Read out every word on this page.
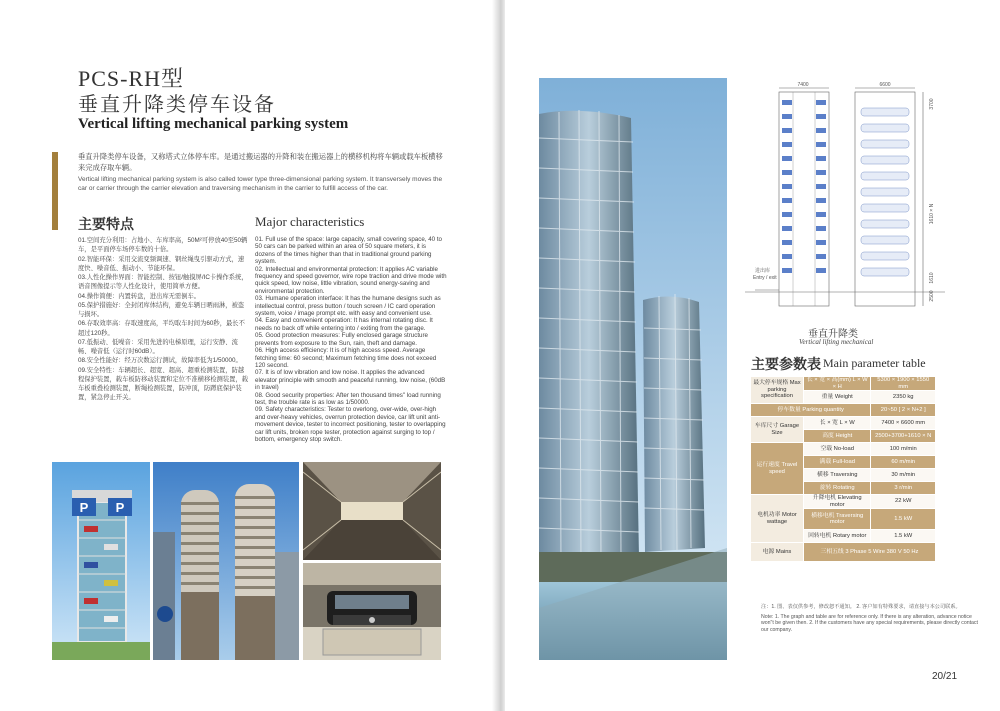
PCS-RH型
垂直升降类停车设备
Vertical lifting mechanical parking system
垂直升降类停车设备，又称塔式立体停车库。是通过搬运器的升降和装在搬运器上的横移机构将车辆或载车板横移来完成存取车辆。
Vertical lifting mechanical parking system is also called tower type three-dimensional parking system. It transversely moves the car or carrier through the carrier elevation and traversing mechanism in the carrier to fulfill access of the car.
主要特点	Major characteristics
01.空间充分利用：占地小、车库率高，50M²可停放40至50辆车，是平面停车场停车数的十倍。
02.智能环保：采用交流变频调速、钢丝绳曳引驱动方式，速度快、噪音低、振动小、节能环保。
03.人性化操作界面：智能控制、按钮/触摸屏/IC卡操作系统，语音图像提示等人性化设计，使用简单方便。
04.操作简便：内置转盘，进出库无需倒车。
05.保护措施好：全封闭库体结构，避免车辆日晒雨淋，被盗与损坏。
06.存取效率高：存取速度高，平均取车时间为60秒，最长不超过120秒。
07.低振动、低噪音：采用先进的电梯原理，运行安静、流畅、噪音低（运行时60dB）。
08.安全性能好：经万次数运行测试，故障率低为1/50000。
09.安全特性：车辆超长、超宽、超高、超重检测装置，防越程保护装置，载车板防移动装置和定位不准横移检测装置，载车板重叠检测装置，断绳检测装置，防冲顶，防蹲底保护装置，紧急停止开关。
01. Full use of the space: large capacity, small covering space, 40 to 50 cars can be parked within an area of 50 square meters, it is dozens of the times higher than that in traditional ground parking system.
02. Intellectual and environmental protection: It applies AC variable frequency and speed governor, wire rope traction and drive mode with quick speed, low noise, little vibration, sound energy-saving and environmental protection.
03. Humane operation interface: It has the humane designs such as intellectual control, press button / touch screen / IC card operation system, voice / image prompt etc. with easy and convenient use.
04. Easy and convenient operation: It has internal rotating disc. It needs no back off while entering into / exiting from the garage.
05. Good protection measures: Fully enclosed garage structure prevents from exposure to the Sun, rain, theft and damage.
06. High access efficiency: It is of high access speed. Average fetching time: 60 second; Maximum fetching time does not exceed 120 second.
07. It is of low vibration and low noise. It applies the advanced elevator principle with smooth and peaceful running, low noise, (60dB in travel)
08. Good security properties: After ten thousand times" load running test, the trouble rate is as low as 1/50000.
09. Safety characteristics: Tester to overlong, over-wide, over-high and over-heavy vehicles, overrun protection device, car lift unit anti-movement device, tester to incorrect positioning, tester to overlapping car lift units, broken rope tester, protection against surging to top / bottom, emergency stop switch.
P P
7400	6600
1610 × N
3700
1610
2500
进出库
Entry / exit
垂直升降类
Vertical lifting mechanical
主要参数表 Main parameter table
最大停车规格 Max parking specification	长 × 宽 × 高(mm) L × W × H	5300 × 1900 × 1550 mm
	重量 Weight	2350 kg
停车数量 Parking quantity		20~50 [ 2 × N+2 ]
车库尺寸 Garage Size	长 × 宽 L × W	7400 × 6600 mm
	高度 Height	2500+3700+1610 × N
运行速度 Travel speed	空载 No-load	100 m/min
	满载 Full-load	60 m/min
	横移 Traversing	30 m/min
	旋转 Rotating	3 r/min
电机功率 Motor wattage	升降电机 Elevating motor	22 kW
	横移电机 Traversing motor	1.5 kW
	回转电机 Rotary motor	1.5 kW
电源 Mains	三相五线 3 Phase 5 Wire 380 V 50 Hz	
注：1. 图、表仅供参考，修改恕不通知。 2. 客户如有特殊要求，请直接与本公司联系。
Note: 1. The graph and table are for reference only. If there is any alteration, advance notice won"t be given then. 2. If the customers have any special requirements, please directly contact our company.
20/21
